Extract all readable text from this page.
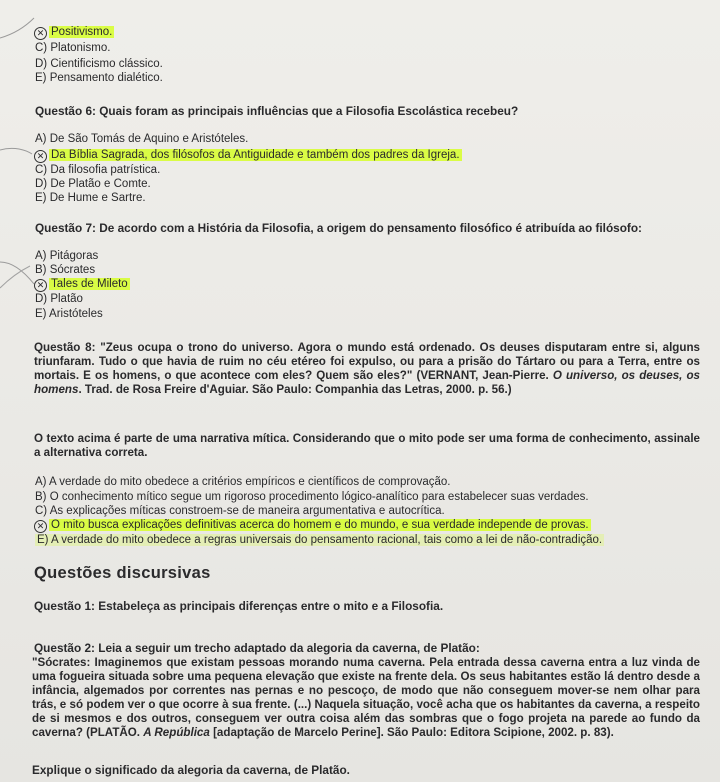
✕ Positivismo.
C) Platonismo.
D) Cientificismo clássico.
E) Pensamento dialético.
Questão 6: Quais foram as principais influências que a Filosofia Escolástica recebeu?
A) De São Tomás de Aquino e Aristóteles.
✕ Da Bíblia Sagrada, dos filósofos da Antiguidade e também dos padres da Igreja.
C) Da filosofia patrística.
D) De Platão e Comte.
E) De Hume e Sartre.
Questão 7: De acordo com a História da Filosofia, a origem do pensamento filosófico é atribuída ao filósofo:
A) Pitágoras
B) Sócrates
✕ Tales de Mileto
D) Platão
E) Aristóteles
Questão 8: "Zeus ocupa o trono do universo. Agora o mundo está ordenado. Os deuses disputaram entre si, alguns triunfaram. Tudo o que havia de ruim no céu etéreo foi expulso, ou para a prisão do Tártaro ou para a Terra, entre os mortais. E os homens, o que acontece com eles? Quem são eles?" (VERNANT, Jean-Pierre. O universo, os deuses, os homens. Trad. de Rosa Freire d'Aguiar. São Paulo: Companhia das Letras, 2000. p. 56.)
O texto acima é parte de uma narrativa mítica. Considerando que o mito pode ser uma forma de conhecimento, assinale a alternativa correta.
A) A verdade do mito obedece a critérios empíricos e científicos de comprovação.
B) O conhecimento mítico segue um rigoroso procedimento lógico-analítico para estabelecer suas verdades.
C) As explicações míticas constroem-se de maneira argumentativa e autocrítica.
✕ O mito busca explicações definitivas acerca do homem e do mundo, e sua verdade independe de provas.
E) A verdade do mito obedece a regras universais do pensamento racional, tais como a lei de não-contradição.
Questões discursivas
Questão 1: Estabeleça as principais diferenças entre o mito e a Filosofia.
Questão 2: Leia a seguir um trecho adaptado da alegoria da caverna, de Platão:
"Sócrates: Imaginemos que existam pessoas morando numa caverna. Pela entrada dessa caverna entra a luz vinda de uma fogueira situada sobre uma pequena elevação que existe na frente dela. Os seus habitantes estão lá dentro desde a infância, algemados por correntes nas pernas e no pescoço, de modo que não conseguem mover-se nem olhar para trás, e só podem ver o que ocorre à sua frente. (...) Naquela situação, você acha que os habitantes da caverna, a respeito de si mesmos e dos outros, conseguem ver outra coisa além das sombras que o fogo projeta na parede ao fundo da caverna? (PLATÃO. A República [adaptação de Marcelo Perine]. São Paulo: Editora Scipione, 2002. p. 83).
Explique o significado da alegoria da caverna, de Platão.
